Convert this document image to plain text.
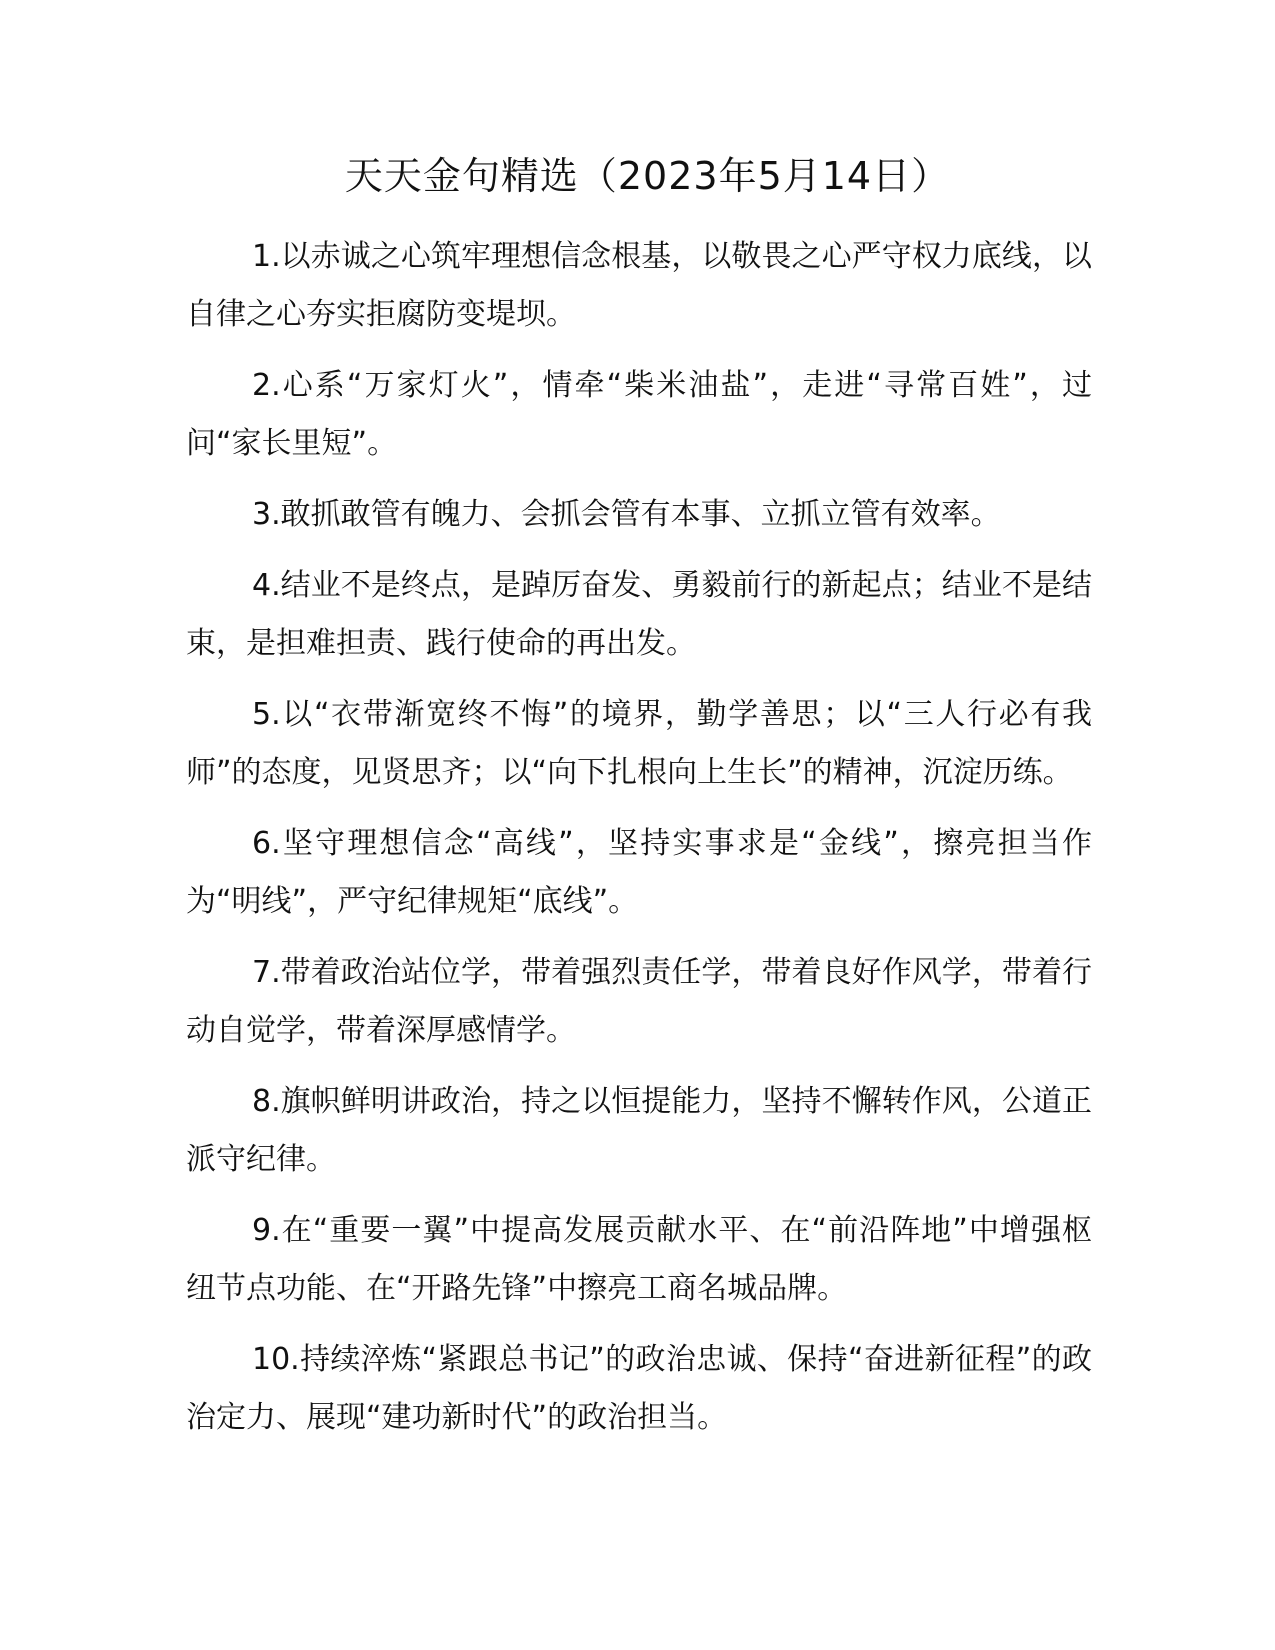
天天金句精选（2023年5月14日）

1.以赤诚之心筑牢理想信念根基，以敬畏之心严守权力底线，以自律之心夯实拒腐防变堤坝。

2.心系“万家灯火”，情牵“柴米油盐”，走进“寻常百姓”，过问“家长里短”。

3.敢抓敢管有魄力、会抓会管有本事、立抓立管有效率。

4.结业不是终点，是踔厉奋发、勇毅前行的新起点；结业不是结束，是担难担责、践行使命的再出发。

5.以“衣带渐宽终不悔”的境界，勤学善思；以“三人行必有我师”的态度，见贤思齐；以“向下扎根向上生长”的精神，沉淀历练。

6.坚守理想信念“高线”，坚持实事求是“金线”，擦亮担当作为“明线”，严守纪律规矩“底线”。

7.带着政治站位学，带着强烈责任学，带着良好作风学，带着行动自觉学，带着深厚感情学。

8.旗帜鲜明讲政治，持之以恒提能力，坚持不懈转作风，公道正派守纪律。

9.在“重要一翼”中提高发展贡献水平、在“前沿阵地”中增强枢纽节点功能、在“开路先锋”中擦亮工商名城品牌。

10.持续淬炼“紧跟总书记”的政治忠诚、保持“奋进新征程”的政治定力、展现“建功新时代”的政治担当。
